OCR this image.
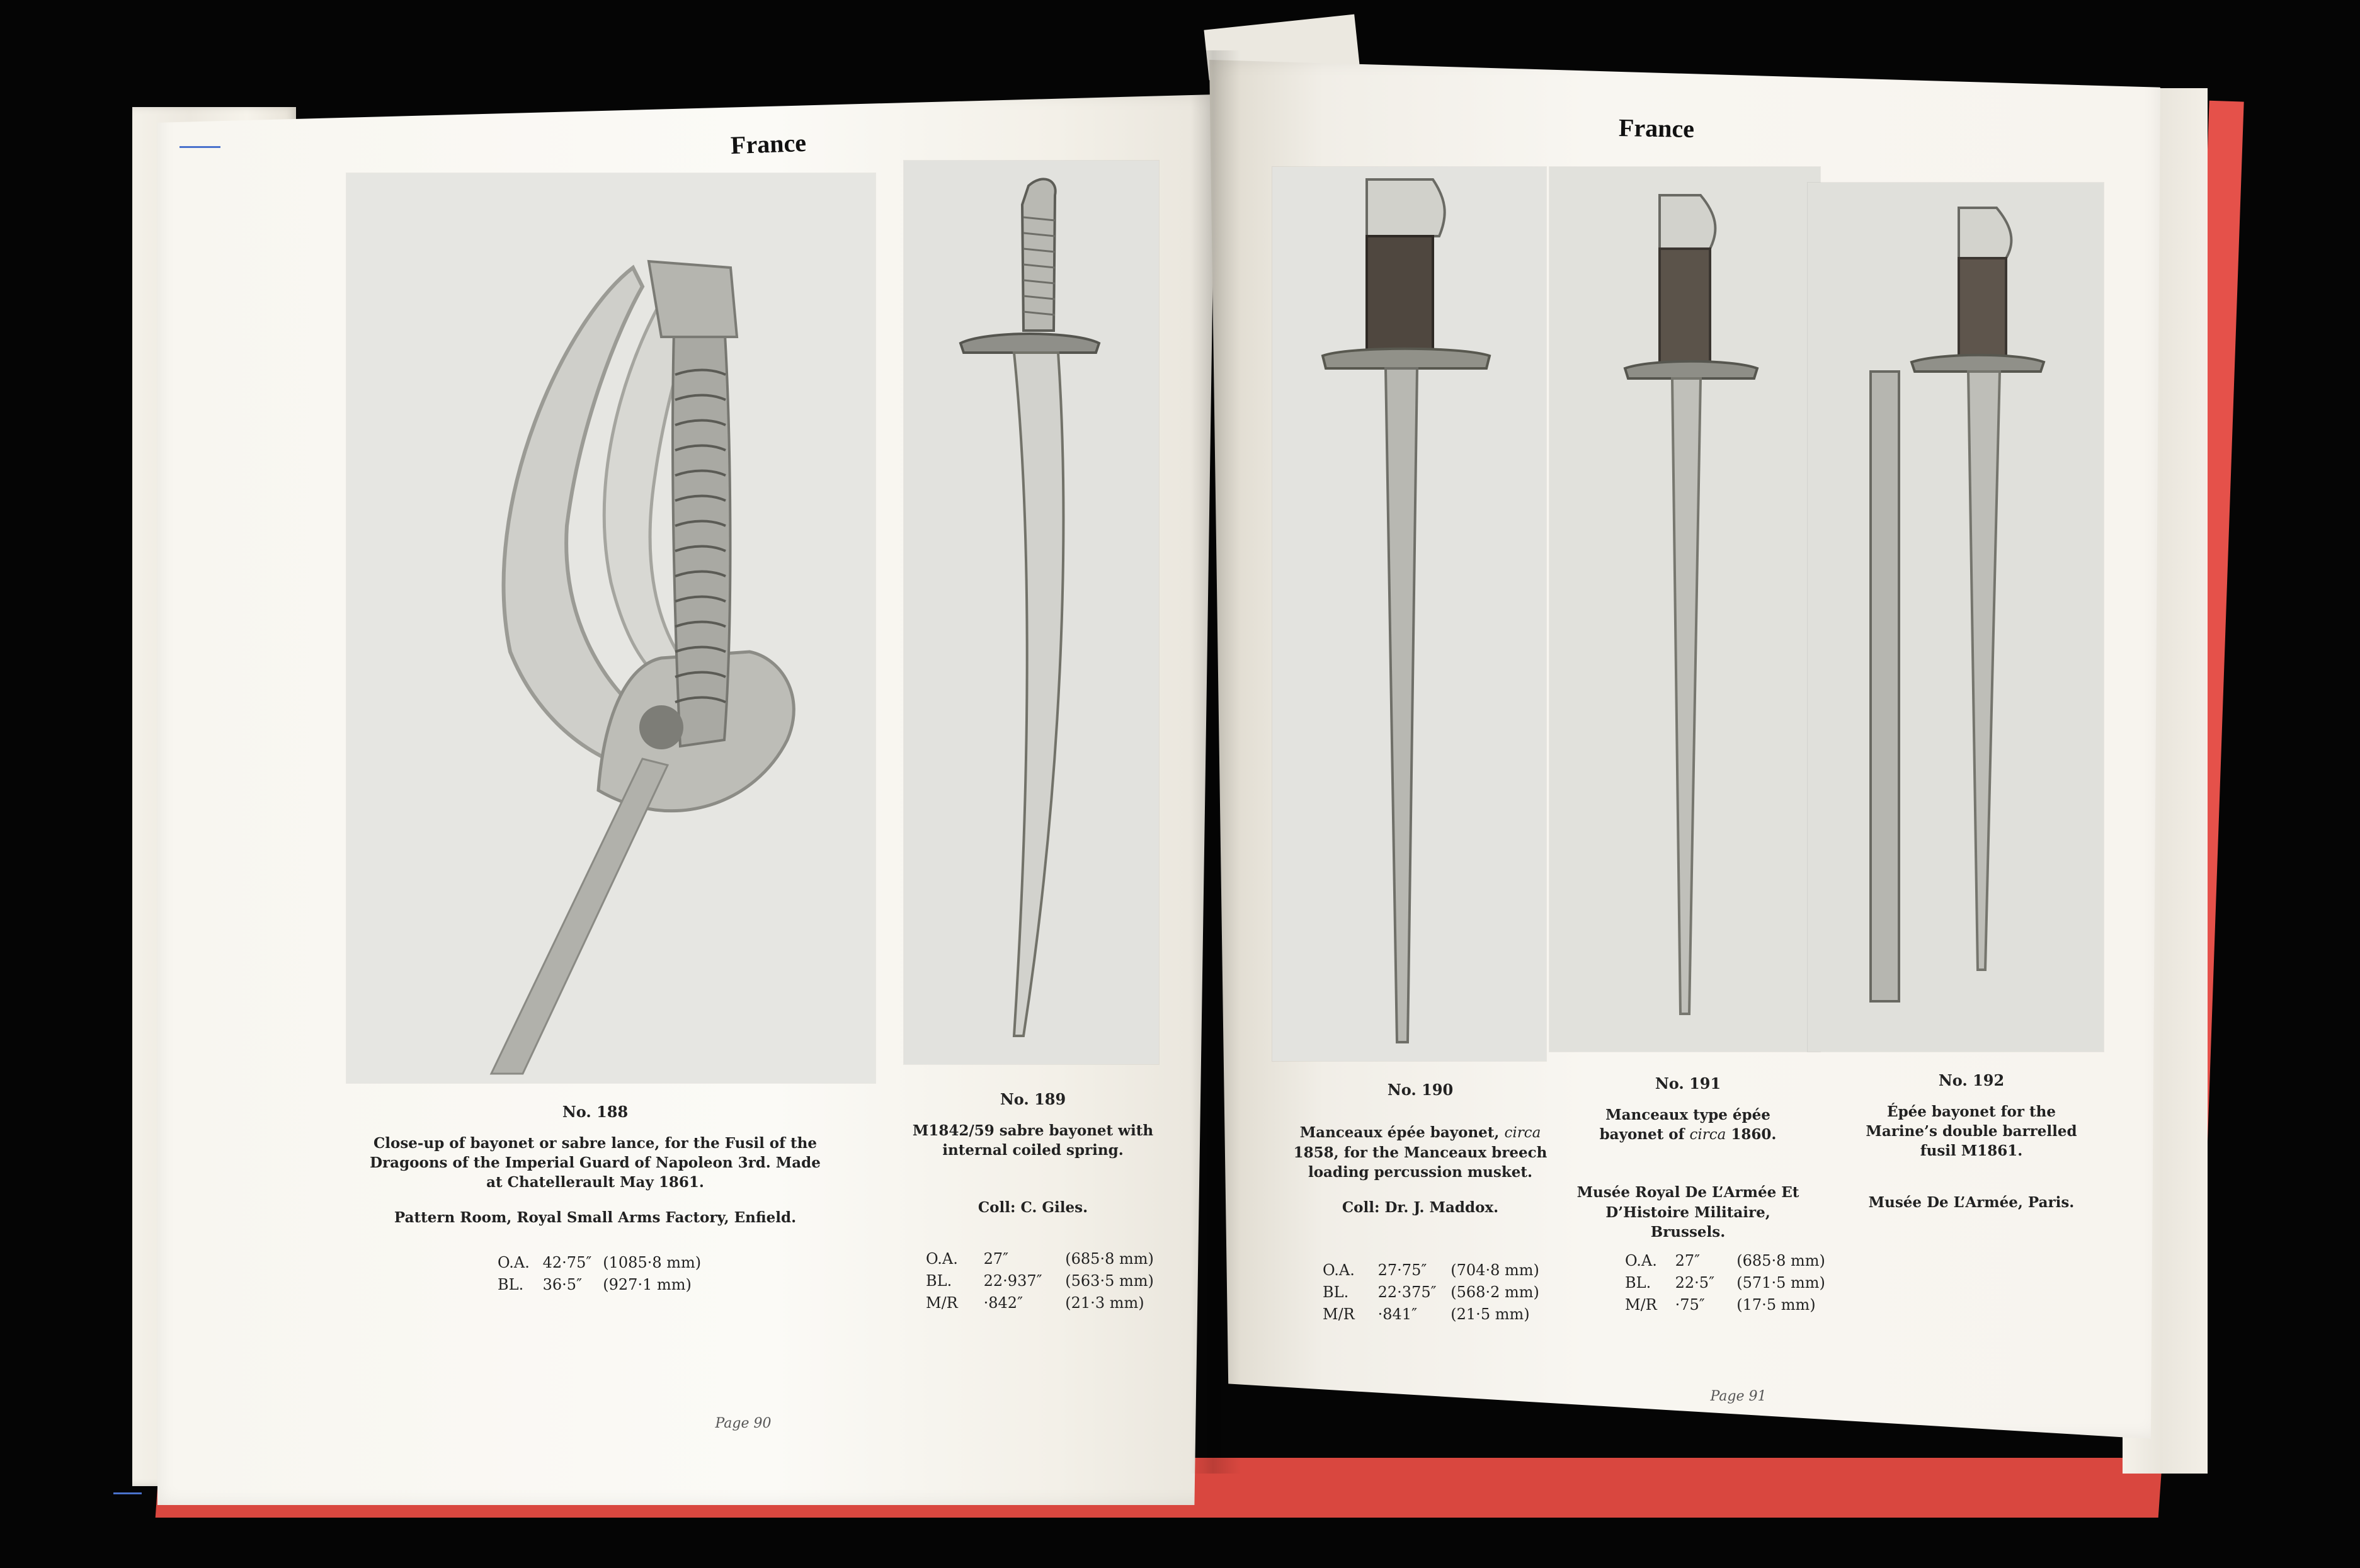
France
No. 188
Close-up of bayonet or sabre lance, for the Fusil of the Dragoons of the Imperial Guard of Napoleon 3rd. Made at Chatellerault May 1861.
Pattern Room, Royal Small Arms Factory, Enfield.
O.A. 42·75″ (1085·8 mm)
BL. 36·5″ (927·1 mm)
No. 189
M1842/59 sabre bayonet with internal coiled spring.
Coll: C. Giles.
O.A. 27″	(685·8 mm)
BL. 22·937″ (563·5 mm)
M/R ·842″	(21·3 mm)
Page 90
France
No. 190
Manceaux épée bayonet, circa 1858, for the Manceaux breech loading percussion musket.
Coll: Dr. J. Maddox.
O.A. 27·75″ (704·8 mm)
BL. 22·375″ (568·2 mm)
M/R ·841″ (21·5 mm)
No. 191
Manceaux type épée bayonet of circa 1860.
Musée Royal De L’Armée Et D’Histoire Militaire, Brussels.
O.A. 27″ (685·8 mm)
BL. 22·5″ (571·5 mm)
M/R ·75″ (17·5 mm)
No. 192
Épée bayonet for the Marine’s double barrelled fusil M1861.
Musée De L’Armée, Paris.
Page 91
